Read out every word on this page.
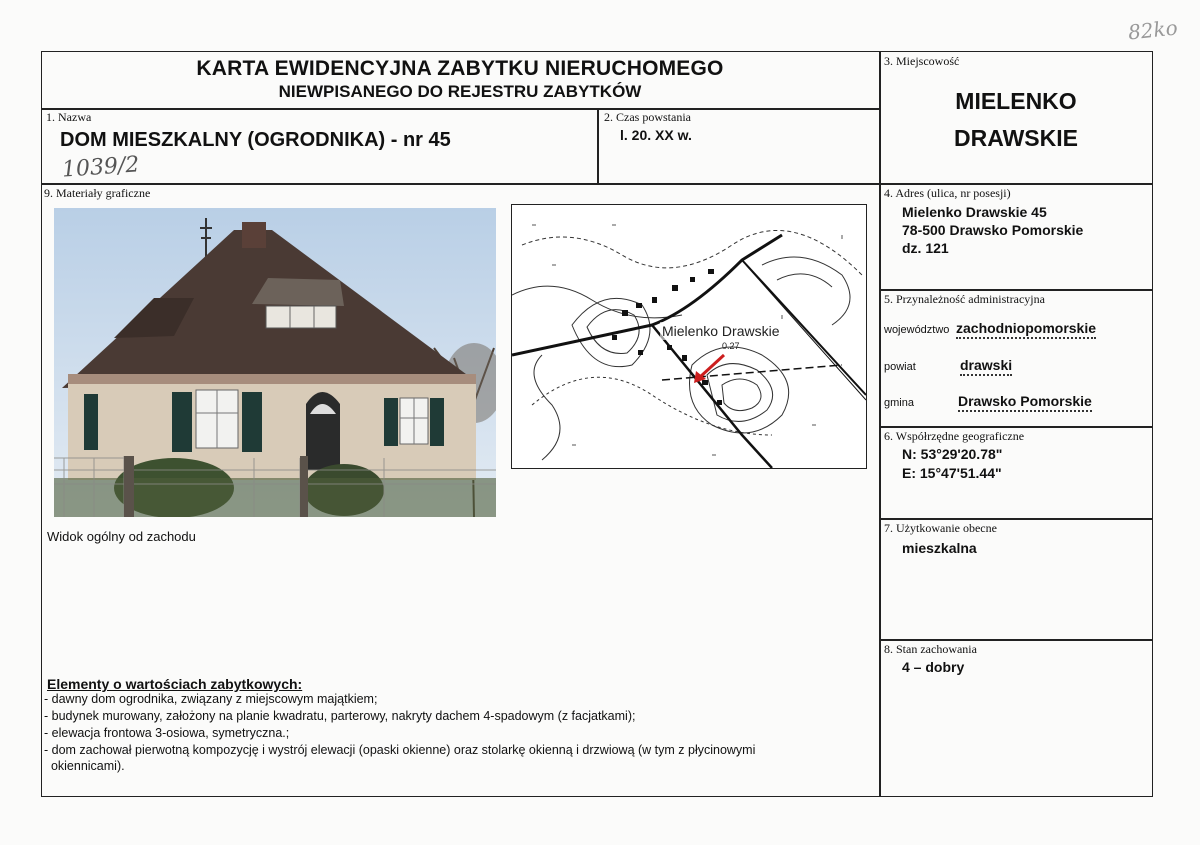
82ko
KARTA EWIDENCYJNA ZABYTKU NIERUCHOMEGO
NIEWPISANEGO DO REJESTRU ZABYTKÓW
1. Nazwa
DOM MIESZKALNY (OGRODNIKA) - nr 45
1039/2
2. Czas powstania
l. 20. XX w.
3. Miejscowość
MIELENKO
DRAWSKIE
4. Adres (ulica, nr posesji)
Mielenko Drawskie 45
78-500 Drawsko Pomorskie
dz. 121
5. Przynależność administracyjna
województwo zachodniopomorskie
powiat	drawski
gmina	Drawsko Pomorskie
6. Współrzędne geograficzne
N: 53°29'20.78"
E: 15°47'51.44"
7. Użytkowanie obecne
mieszkalna
8. Stan zachowania
4 – dobry
9. Materiały graficzne
Mielenko Drawskie
0.27
Widok ogólny od zachodu
Elementy o wartościach zabytkowych:
- dawny dom ogrodnika, związany z miejscowym majątkiem;
- budynek murowany, założony na planie kwadratu, parterowy, nakryty dachem 4-spadowym (z facjatkami);
- elewacja frontowa 3-osiowa, symetryczna.;
- dom zachował pierwotną kompozycję i wystrój elewacji (opaski okienne) oraz stolarkę okienną i drzwiową (w tym z płycinowymi
okiennicami).
